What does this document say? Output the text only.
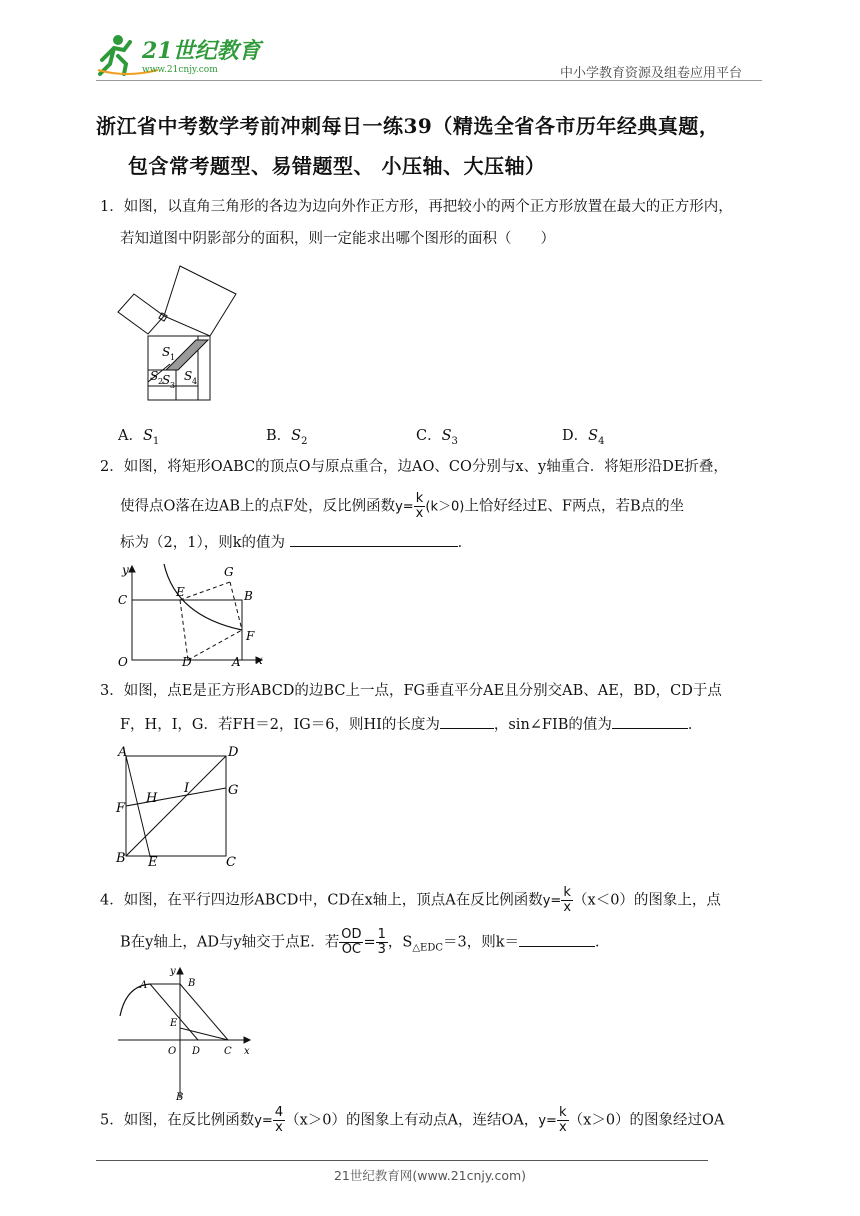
21世纪教育
www.21cnjy.com	中小学教育资源及组卷应用平台
浙江省中考数学考前冲刺每日一练39（精选全省各市历年经典真题，
包含常考题型、易错题型、 小压轴、大压轴）
1．如图，以直角三角形的各边为边向外作正方形，再把较小的两个正方形放置在最大的正方形内，
若知道图中阴影部分的面积，则一定能求出哪个图形的面积（　　）
S 1
S 2
S 3
S 4
A．$S_1$	B．$S_2$	C．$S_3$	D．$S_4$
2．如图，将矩形OABC的顶点O与原点重合，边AO、CO分别与x、y轴重合．将矩形沿DE折叠，
使得点O落在边AB上的点F处，反比例函数$y= \frac{k}{x} (k>0)$上恰好经过E、F两点，若B点的坐
标为（2，1），则k的值为	．
y
x
C
E
G
B
F
O	D	A
3．如图，点E是正方形ABCD的边BC上一点，FG垂直平分AE且分别交AB、AE，BD，CD于点
F，H，I，G．若FH＝2，IG＝6，则HI的长度为	，sin∠FIB的值为	．
A	D
F
H
I	G
B E	C
4．如图，在平行四边形ABCD中，CD在x轴上，顶点A在反比例函数$y= \frac{k}{x} (x<0)$的图象上，点
B在y轴上，AD与y轴交于点E．若 $\frac{OD}{OC} = \frac{1}{3}$ ，$S_{\triangle EDC}=3$，则k＝	．
y
x
A	B
E
O D C
B
5．如图，在反比例函数$y= \frac{4}{x} (x>0)$的图象上有动点A，连结OA，$y= \frac{k}{x} (x>0)$的图象经过OA
21世纪教育网(www.21cnjy.com)
